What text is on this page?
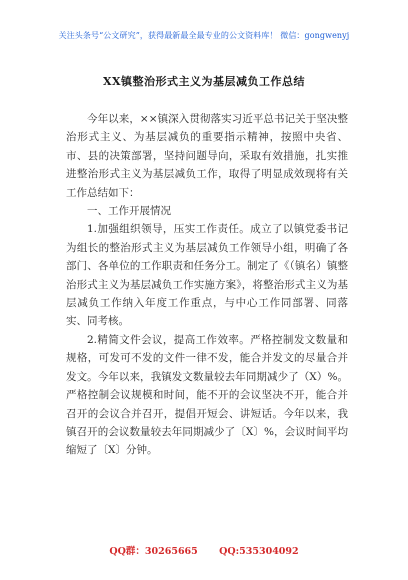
关注头条号“公文研究”，获得最新最全最专业的公文资料库！ 微信：gongwenyj
XX镇整治形式主义为基层减负工作总结

今年以来，××镇深入贯彻落实习近平总书记关于坚决整治形式主义、为基层减负的重要指示精神，按照中央省、市、县的决策部署，坚持问题导向，采取有效措施，扎实推进整治形式主义为基层减负工作，取得了明显成效现将有关工作总结如下：

一、工作开展情况

1.加强组织领导，压实工作责任。成立了以镇党委书记为组长的整治形式主义为基层减负工作领导小组，明确了各部门、各单位的工作职责和任务分工。制定了《（镇名）镇整治形式主义为基层减负工作实施方案》，将整治形式主义为基层减负工作纳入年度工作重点，与中心工作同部署、同落实、同考核。

2.精简文件会议，提高工作效率。严格控制发文数量和规格，可发可不发的文件一律不发，能合并发文的尽量合并发文。今年以来，我镇发文数量较去年同期减少了（X）%。严格控制会议规模和时间，能不开的会议坚决不开，能合并召开的会议合并召开，提倡开短会、讲短话。今年以来，我镇召开的会议数量较去年同期减少了〔X〕%，会议时间平均缩短了〔X〕分钟。

QQ群：30265665 QQ:535304092
